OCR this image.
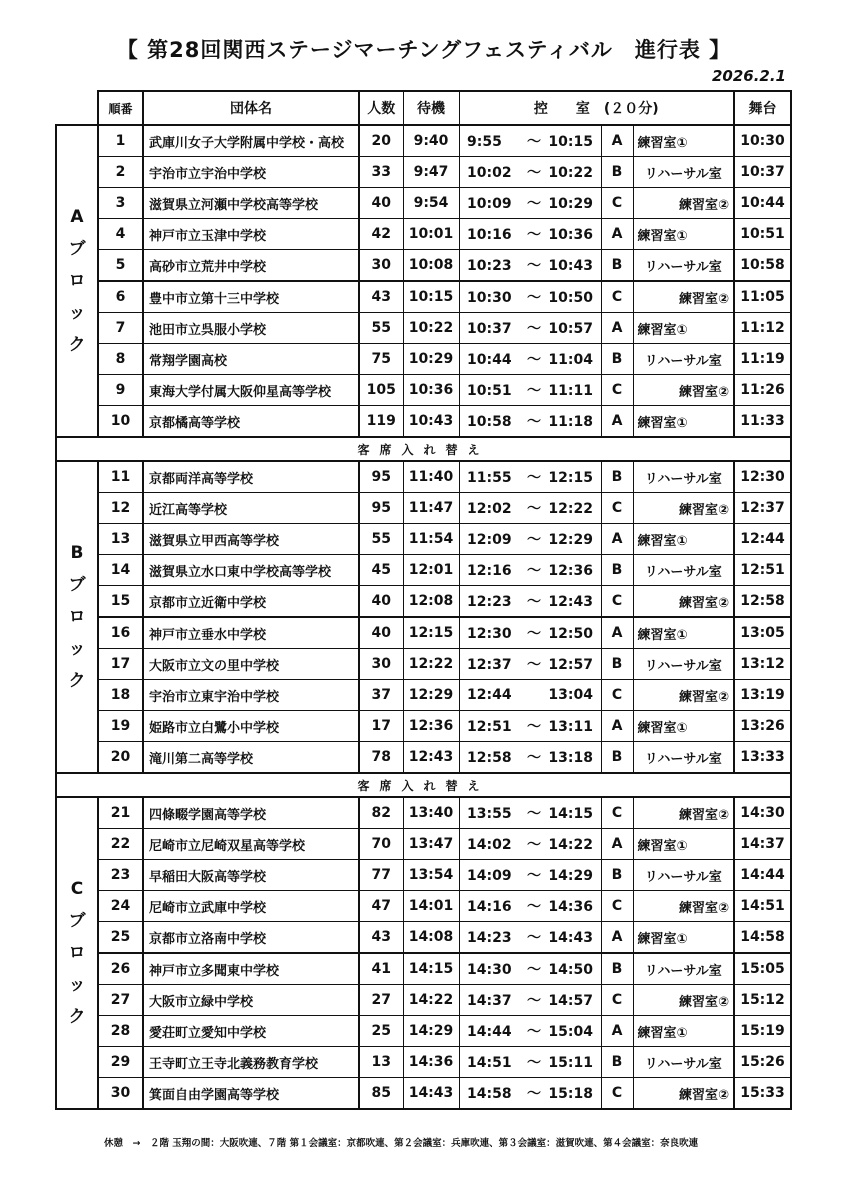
【 第28回関西ステージマーチングフェスティバル　進行表 】
2026.2.1
	順番	団体名	人数	待機	控　　室　(２０分)			舞台

A
ブ
ロ
ッ
ク	1	武庫川女子大学附属中学校・高校	20	9:40	9:55 ～ 10:15	A	練習室①	10:30
	2	宇治市立宇治中学校	33	9:47	10:02 ～ 10:22	B	リハーサル室	10:37
	3	滋賀県立河瀬中学校高等学校	40	9:54	10:09 ～ 10:29	C	練習室②	10:44
	4	神戸市立玉津中学校	42	10:01	10:16 ～ 10:36	A	練習室①	10:51
	5	高砂市立荒井中学校	30	10:08	10:23 ～ 10:43	B	リハーサル室	10:58
	6	豊中市立第十三中学校	43	10:15	10:30 ～ 10:50	C	練習室②	11:05
	7	池田市立呉服小学校	55	10:22	10:37 ～ 10:57	A	練習室①	11:12
	8	常翔学園高校	75	10:29	10:44 ～ 11:04	B	リハーサル室	11:19
	9	東海大学付属大阪仰星高等学校	105	10:36	10:51 ～ 11:11	C	練習室②	11:26
	10	京都橘高等学校	119	10:43	10:58 ～ 11:18	A	練習室①	11:33
客席入れ替え								

B
ブ
ロ
ッ
ク	11	京都両洋高等学校	95	11:40	11:55 ～ 12:15	B	リハーサル室	12:30
	12	近江高等学校	95	11:47	12:02 ～ 12:22	C	練習室②	12:37
	13	滋賀県立甲西高等学校	55	11:54	12:09 ～ 12:29	A	練習室①	12:44
	14	滋賀県立水口東中学校高等学校	45	12:01	12:16 ～ 12:36	B	リハーサル室	12:51
	15	京都市立近衛中学校	40	12:08	12:23 ～ 12:43	C	練習室②	12:58
	16	神戸市立垂水中学校	40	12:15	12:30 ～ 12:50	A	練習室①	13:05
	17	大阪市立文の里中学校	30	12:22	12:37 ～ 12:57	B	リハーサル室	13:12
	18	宇治市立東宇治中学校	37	12:29	12:44 13:04	C	練習室②	13:19
	19	姫路市立白鷺小中学校	17	12:36	12:51 ～ 13:11	A	練習室①	13:26
	20	滝川第二高等学校	78	12:43	12:58 ～ 13:18	B	リハーサル室	13:33
客席入れ替え								

C
ブ
ロ
ッ
ク	21	四條畷学園高等学校	82	13:40	13:55 ～ 14:15	C	練習室②	14:30
	22	尼崎市立尼崎双星高等学校	70	13:47	14:02 ～ 14:22	A	練習室①	14:37
	23	早稲田大阪高等学校	77	13:54	14:09 ～ 14:29	B	リハーサル室	14:44
	24	尼崎市立武庫中学校	47	14:01	14:16 ～ 14:36	C	練習室②	14:51
	25	京都市立洛南中学校	43	14:08	14:23 ～ 14:43	A	練習室①	14:58
	26	神戸市立多聞東中学校	41	14:15	14:30 ～ 14:50	B	リハーサル室	15:05
	27	大阪市立緑中学校	27	14:22	14:37 ～ 14:57	C	練習室②	15:12
	28	愛荘町立愛知中学校	25	14:29	14:44 ～ 15:04	A	練習室①	15:19
	29	王寺町立王寺北義務教育学校	13	14:36	14:51 ～ 15:11	B	リハーサル室	15:26
	30	箕面自由学園高等学校	85	14:43	14:58 ～ 15:18	C	練習室②	15:33
休憩　→　２階 玉翔の間：大阪吹連、７階 第１会議室：京都吹連、第２会議室：兵庫吹連、第３会議室：滋賀吹連、第４会議室：奈良吹連
